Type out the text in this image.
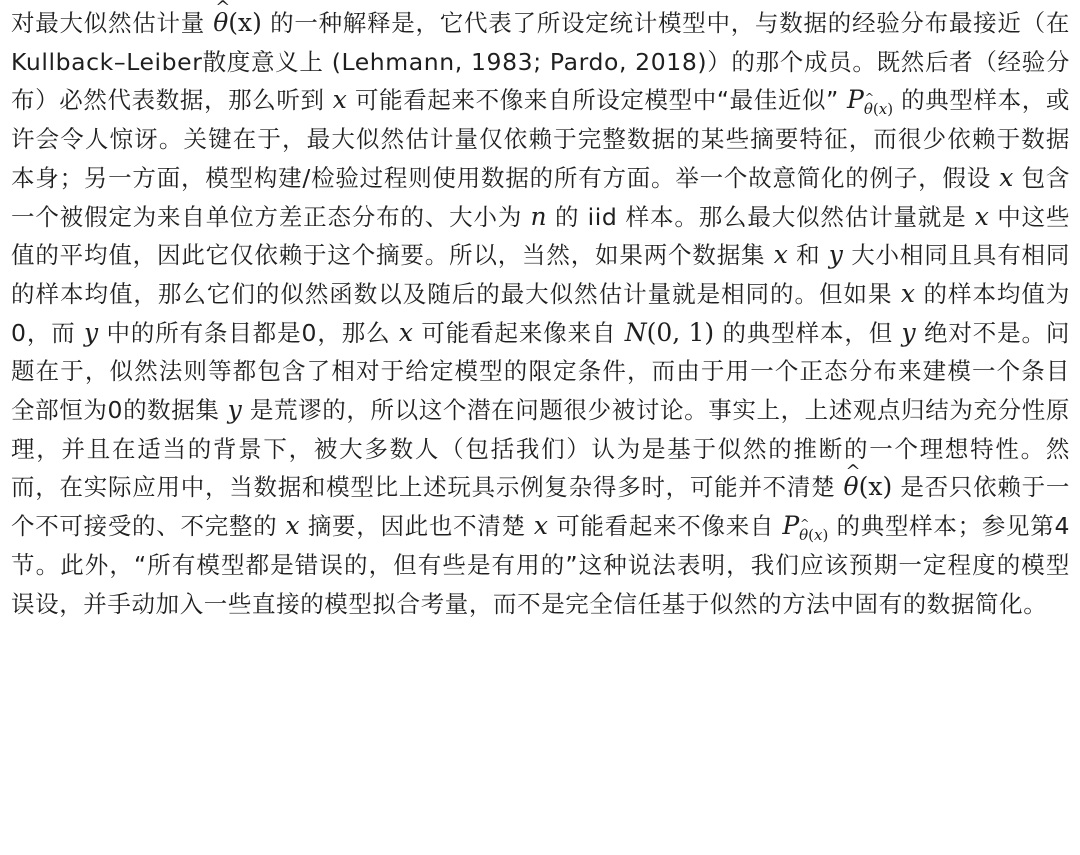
对最大似然估计量 ^ θ(x) 的一种解释是，它代表了所设定统计模型中，与数据的经验分布最接近（在Kullback–Leiber散度意义上 (Lehmann, 1983; Pardo, 2018)）的那个成员。既然后者（经验分布）必然代表数据，那么听到 x 可能看起来不像来自所设定模型中“最佳近似” $P_{\theta(x)}$ 的典型样本，或许会令人惊讶。关键在于，最大似然估计量仅依赖于完整数据的某些摘要特征，而很少依赖于数据本身；另一方面，模型构建/检验过程则使用数据的所有方面。举一个故意简化的例子，假设 x 包含一个被假定为来自单位方差正态分布的、大小为 n 的 iid 样本。那么最大似然估计量就是 x 中这些值的平均值，因此它仅依赖于这个摘要。所以，当然，如果两个数据集 x 和 y 大小相同且具有相同的样本均值，那么它们的似然函数以及随后的最大似然估计量就是相同的。但如果 x 的样本均值为0，而 y 中的所有条目都是0，那么 x 可能看起来像来自 N(0, 1) 的典型样本，但 y 绝对不是。问题在于，似然法则等都包含了相对于给定模型的限定条件，而由于用一个正态分布来建模一个条目全部恒为0的数据集 y 是荒谬的，所以这个潜在问题很少被讨论。事实上，上述观点归结为充分性原理，并且在适当的背景下，被大多数人（包括我们）认为是基于似然的推断的一个理想特性。然而，在实际应用中，当数据和模型比上述玩具示例复杂得多时，可能并不清楚 ^ θ(x) 是否只依赖于一个不可接受的、不完整的 x 摘要，因此也不清楚 x 可能看起来不像来自 $P_{\theta(x)}$ 的典型样本；参见第4节。此外，“所有模型都是错误的，但有些是有用的”这种说法表明，我们应该预期一定程度的模型误设，并手动加入一些直接的模型拟合考量，而不是完全信任基于似然的方法中固有的数据简化。
